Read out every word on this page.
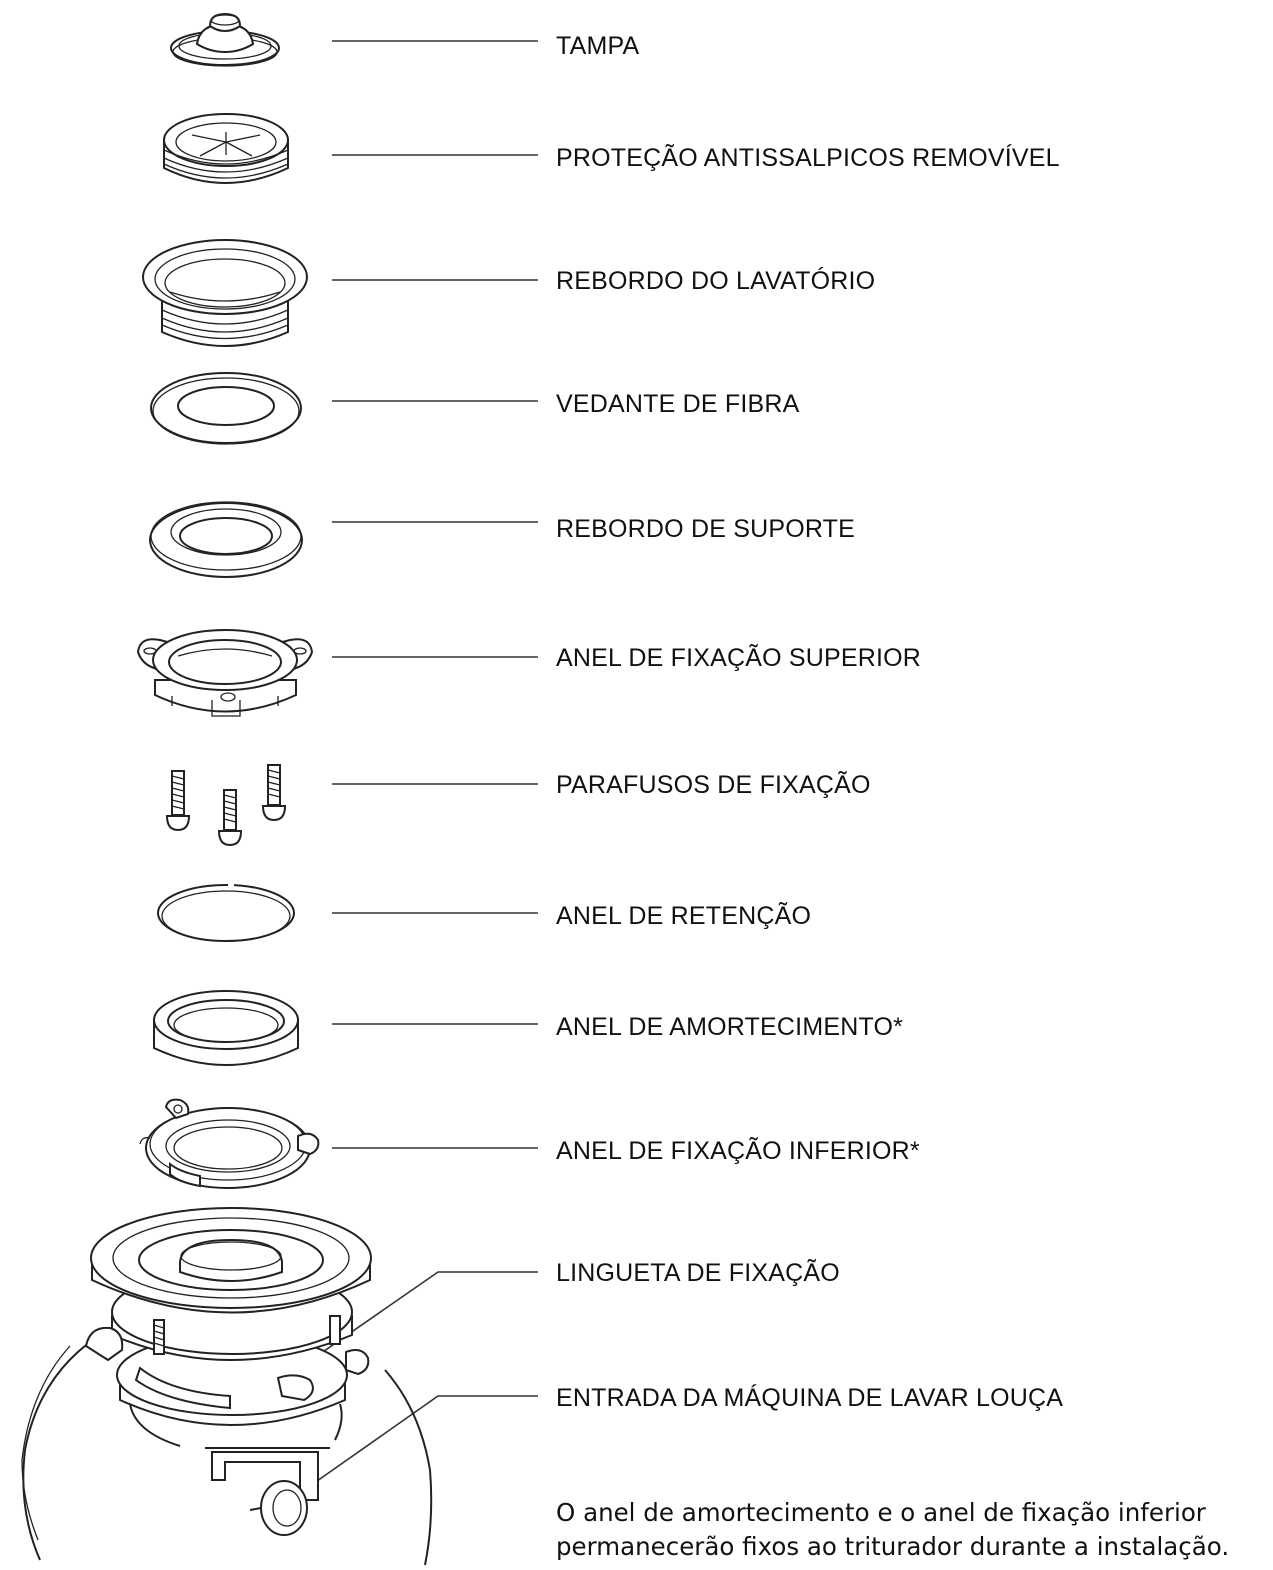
TAMPA
PROTEÇÃO ANTISSALPICOS REMOVÍVEL
REBORDO DO LAVATÓRIO
VEDANTE DE FIBRA
REBORDO DE SUPORTE
ANEL DE FIXAÇÃO SUPERIOR
PARAFUSOS DE FIXAÇÃO
ANEL DE RETENÇÃO
ANEL DE AMORTECIMENTO*
ANEL DE FIXAÇÃO INFERIOR*
LINGUETA DE FIXAÇÃO
ENTRADA DA MÁQUINA DE LAVAR LOUÇA

O anel de amortecimento e o anel de fixação inferior
permanecerão fixos ao triturador durante a instalação.
